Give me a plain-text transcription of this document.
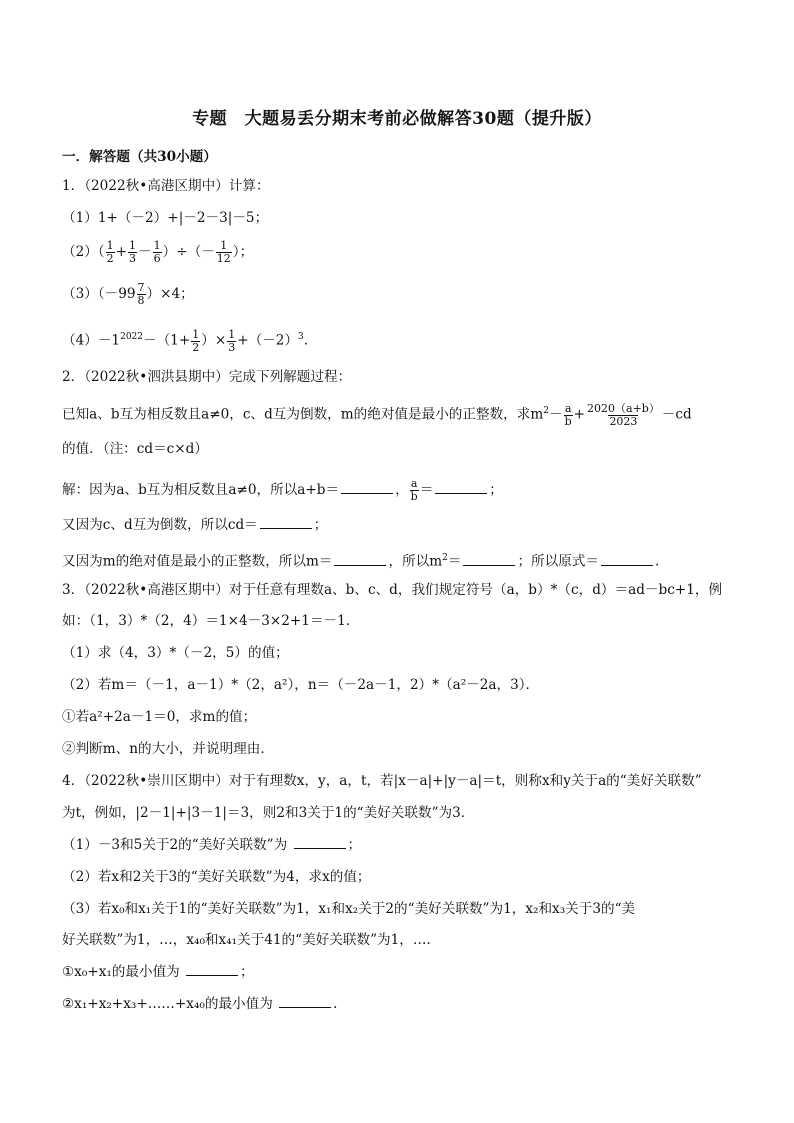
专题　大题易丢分期末考前必做解答30题（提升版）
一．解答题（共30小题）
1．（2022秋•高港区期中）计算：
（1）1+（－2）+|－2－3|－5；
$(2)( \frac{1}{2} + \frac{1}{3} - \frac{1}{6}$ ）÷（－ $\frac{1}{12}$ ）；
$(3)(-99 \frac{7}{8} )\times 4$；
$(4)-1^{2022}-(1+ \frac{1}{2}$ ）× $\frac{1}{3} +(-2)^3$.
2．（2022秋•泗洪县期中）完成下列解题过程：
已知a、b互为相反数且a≠0，c、d互为倒数，m的绝对值是最小的正整数，求$m^2- \frac{a}{b} + \frac{2020(a+b)}{2023} -cd$
的值．（注：cd＝c×d）
解：因为a、b互为相反数且a≠0，所以a+b＝	， $\frac{a}{b}$ ＝	；
又因为c、d互为倒数，所以cd＝	；
又因为m的绝对值是最小的正整数，所以m＝	，所以$m^2=$	；所以原式＝	.
3．（2022秋•高港区期中）对于任意有理数a、b、c、d，我们规定符号（a，b）*（c，d）＝ad－bc+1，例
如：（1，3）*（2，4）＝1×4－3×2+1＝－1．
（1）求（4，3）*（－2，5）的值；
（2）若m＝（－1，a－1）*（2，a²），n＝（－2a－1，2）*（a²－2a，3）．
①若a²+2a－1＝0，求m的值；
②判断m、n的大小，并说明理由．
4．（2022秋•崇川区期中）对于有理数x，y，a，t，若|x－a|+|y－a|＝t，则称x和y关于a的“美好关联数”
为t，例如，|2－1|+|3－1|＝3，则2和3关于1的“美好关联数”为3．
（1）－3和5关于2的“美好关联数”为	；
（2）若x和2关于3的“美好关联数”为4，求x的值；
（3）若x₀和x₁关于1的“美好关联数”为1，x₁和x₂关于2的“美好关联数”为1，x₂和x₃关于3的“美
好关联数”为1，…，x₄₀和x₄₁关于41的“美好关联数”为1，…．
①x₀+x₁的最小值为	；
②x₁+x₂+x₃+……+x₄₀的最小值为	.
